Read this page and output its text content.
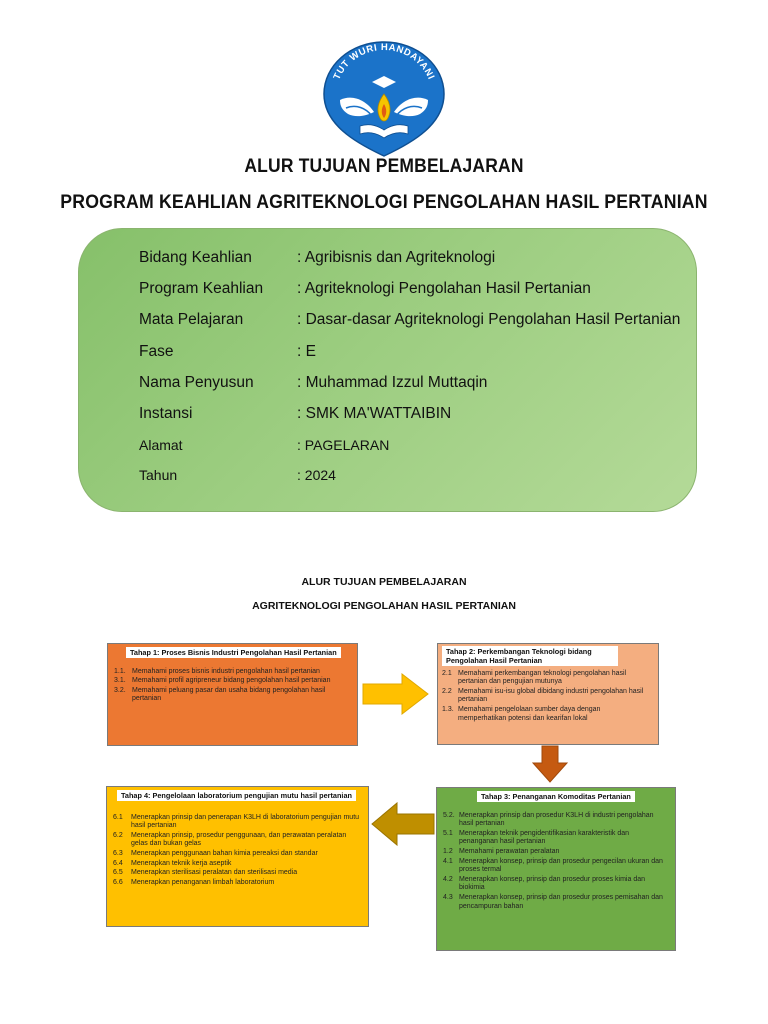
TUT WURI HANDAYANI
ALUR TUJUAN PEMBELAJARAN
PROGRAM KEAHLIAN AGRITEKNOLOGI PENGOLAHAN HASIL PERTANIAN
Bidang Keahlian	: Agribisnis dan Agriteknologi
Program Keahlian : Agriteknologi Pengolahan Hasil Pertanian
Mata Pelajaran	: Dasar-dasar Agriteknologi Pengolahan Hasil Pertanian
Fase	: E
Nama Penyusun	: Muhammad Izzul Muttaqin
Instansi	: SMK MA'WATTAIBIN
Alamat	: PAGELARAN
Tahun	: 2024
ALUR TUJUAN PEMBELAJARAN
AGRITEKNOLOGI PENGOLAHAN HASIL PERTANIAN
Tahap 1: Proses Bisnis Industri Pengolahan Hasil Pertanian
1.1. Memahami proses bisnis industri pengolahan hasil pertanian
3.1. Memahami profil agripreneur bidang pengolahan hasil pertanian
3.2. Memahami peluang pasar dan usaha bidang pengolahan hasil pertanian
Tahap 2: Perkembangan Teknologi bidang Pengolahan Hasil Pertanian
2.1 Memahami perkembangan teknologi pengolahan hasil pertanian dan pengujian mutunya
2.2 Memahami isu-isu global dibidang industri pengolahan hasil pertanian
1.3. Memahami pengelolaan sumber daya dengan memperhatikan potensi dan kearifan lokal
Tahap 3: Penanganan Komoditas Pertanian
5.2. Menerapkan prinsip dan prosedur K3LH di industri pengolahan hasil pertanian
5.1 Menerapkan teknik pengidentifikasian karakteristik dan penanganan hasil pertanian
1.2 Memahami perawatan peralatan
4.1 Menerapkan konsep, prinsip dan prosedur pengecilan ukuran dan proses termal
4.2 Menerapkan konsep, prinsip dan prosedur proses kimia dan biokimia
4.3 Menerapkan konsep, prinsip dan prosedur proses pemisahan dan pencampuran bahan
Tahap 4: Pengelolaan laboratorium pengujian mutu hasil pertanian
6.1 Menerapkan prinsip dan penerapan K3LH di laboratorium pengujian mutu hasil pertanian
6.2 Menerapkan prinsip, prosedur penggunaan, dan perawatan peralatan gelas dan bukan gelas
6.3 Menerapkan penggunaan bahan kimia pereaksi dan standar
6.4 Menerapkan teknik kerja aseptik
6.5 Menerapkan sterilisasi peralatan dan sterilisasi media
6.6 Menerapkan penanganan limbah laboratorium
